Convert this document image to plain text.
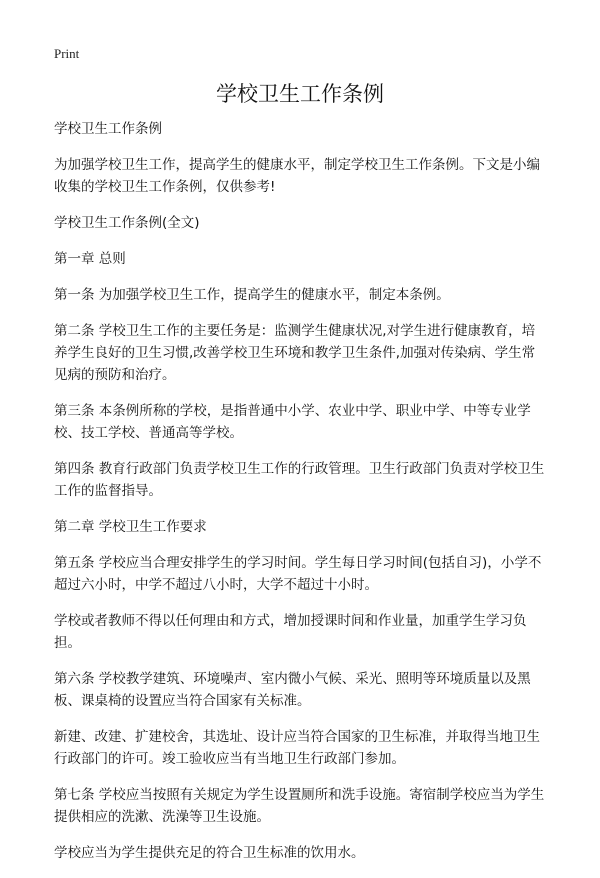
Print
学校卫生工作条例

学校卫生工作条例

为加强学校卫生工作，提高学生的健康水平，制定学校卫生工作条例。下文是小编收集的学校卫生工作条例，仅供参考!

学校卫生工作条例(全文)

第一章 总则

第一条 为加强学校卫生工作，提高学生的健康水平，制定本条例。

第二条 学校卫生工作的主要任务是：监测学生健康状况,对学生进行健康教育，培养学生良好的卫生习惯,改善学校卫生环境和教学卫生条件,加强对传染病、学生常见病的预防和治疗。

第三条 本条例所称的学校，是指普通中小学、农业中学、职业中学、中等专业学校、技工学校、普通高等学校。

第四条 教育行政部门负责学校卫生工作的行政管理。卫生行政部门负责对学校卫生工作的监督指导。

第二章 学校卫生工作要求

第五条 学校应当合理安排学生的学习时间。学生每日学习时间(包括自习)，小学不超过六小时，中学不超过八小时，大学不超过十小时。

学校或者教师不得以任何理由和方式，增加授课时间和作业量，加重学生学习负担。

第六条 学校教学建筑、环境噪声、室内微小气候、采光、照明等环境质量以及黑板、课桌椅的设置应当符合国家有关标准。

新建、改建、扩建校舍，其选址、设计应当符合国家的卫生标准，并取得当地卫生行政部门的许可。竣工验收应当有当地卫生行政部门参加。

第七条 学校应当按照有关规定为学生设置厕所和洗手设施。寄宿制学校应当为学生提供相应的洗漱、洗澡等卫生设施。

学校应当为学生提供充足的符合卫生标准的饮用水。
